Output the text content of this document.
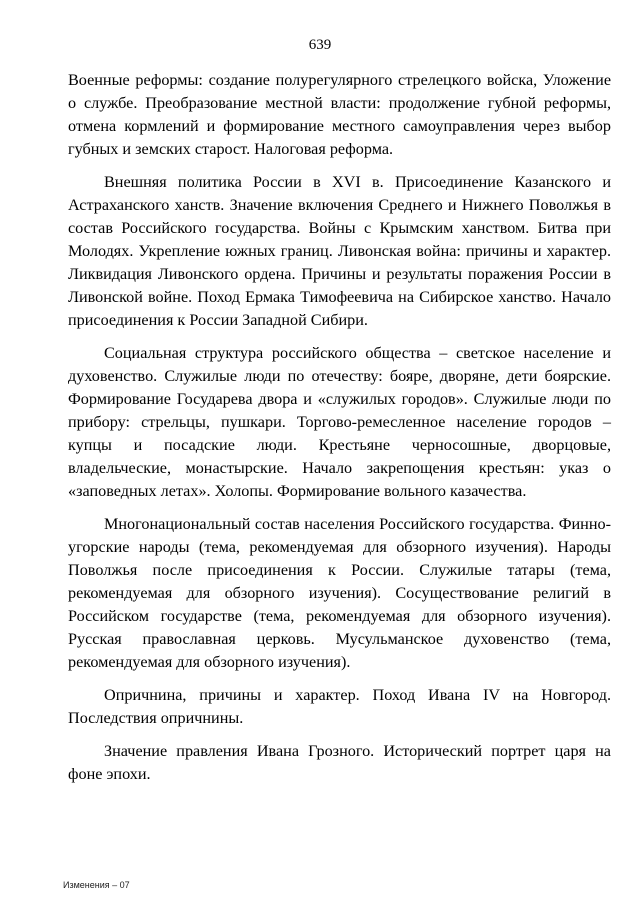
639

Военные реформы: создание полурегулярного стрелецкого войска, Уложение о службе. Преобразование местной власти: продолжение губной реформы, отмена кормлений и формирование местного самоуправления через выбор губных и земских старост. Налоговая реформа.

Внешняя политика России в XVI в. Присоединение Казанского и Астраханского ханств. Значение включения Среднего и Нижнего Поволжья в состав Российского государства. Войны с Крымским ханством. Битва при Молодях. Укрепление южных границ. Ливонская война: причины и характер. Ликвидация Ливонского ордена. Причины и результаты поражения России в Ливонской войне. Поход Ермака Тимофеевича на Сибирское ханство. Начало присоединения к России Западной Сибири.

Социальная структура российского общества – светское население и духовенство. Служилые люди по отечеству: бояре, дворяне, дети боярские. Формирование Государева двора и «служилых городов». Служилые люди по прибору: стрельцы, пушкари. Торгово-ремесленное население городов – купцы и посадские люди. Крестьяне черносошные, дворцовые, владельческие, монастырские. Начало закрепощения крестьян: указ о «заповедных летах». Холопы. Формирование вольного казачества.

Многонациональный состав населения Российского государства. Финно-угорские народы (тема, рекомендуемая для обзорного изучения). Народы Поволжья после присоединения к России. Служилые татары (тема, рекомендуемая для обзорного изучения). Сосуществование религий в Российском государстве (тема, рекомендуемая для обзорного изучения). Русская православная церковь. Мусульманское духовенство (тема, рекомендуемая для обзорного изучения).

Опричнина, причины и характер. Поход Ивана IV на Новгород. Последствия опричнины.

Значение правления Ивана Грозного. Исторический портрет царя на фоне эпохи.

Изменения – 07
